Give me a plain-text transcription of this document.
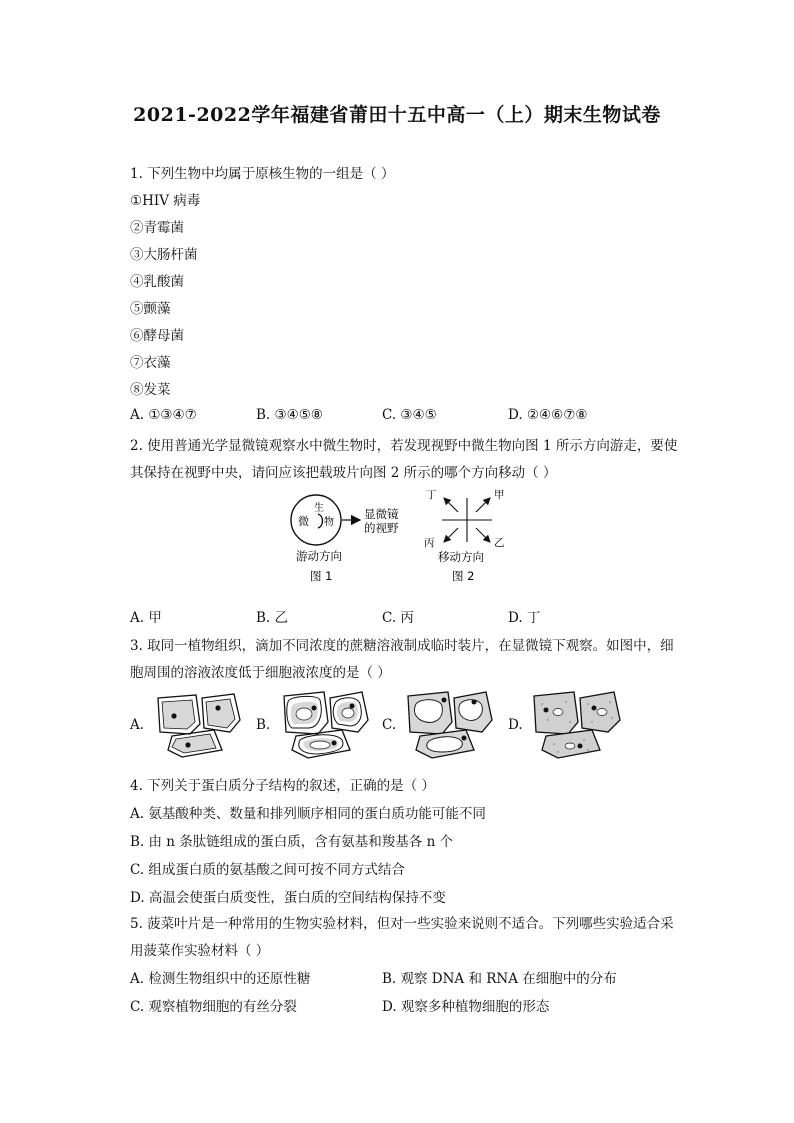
2021-2022学年福建省莆田十五中高一（上）期末生物试卷
1. 下列生物中均属于原核生物的一组是（ ）
①HIV 病毒
②青霉菌
③大肠杆菌
④乳酸菌
⑤颤藻
⑥酵母菌
⑦衣藻
⑧发菜
A. ①③④⑦	B. ③④⑤⑧	C. ③④⑤	D. ②④⑥⑦⑧
2. 使用普通光学显微镜观察水中微生物时，若发现视野中微生物向图 1 所示方向游走，要使
其保持在视野中央，请问应该把载玻片向图 2 所示的哪个方向移动（ ）
微
生
物
显微镜
的视野
游动方向
图 1
丁	甲
丙	乙
移动方向
图 2
A. 甲	B. 乙	C. 丙	D. 丁
3. 取同一植物组织，滴加不同浓度的蔗糖溶液制成临时装片，在显微镜下观察。如图中，细
胞周围的溶液浓度低于细胞液浓度的是（ ）
A.	B.	C.	D.
4. 下列关于蛋白质分子结构的叙述，正确的是（ ）
A. 氨基酸种类、数量和排列顺序相同的蛋白质功能可能不同
B. 由 n 条肽链组成的蛋白质，含有氨基和羧基各 n 个
C. 组成蛋白质的氨基酸之间可按不同方式结合
D. 高温会使蛋白质变性，蛋白质的空间结构保持不变
5. 菠菜叶片是一种常用的生物实验材料，但对一些实验来说则不适合。下列哪些实验适合采
用菠菜作实验材料（ ）
A. 检测生物组织中的还原性糖	B. 观察 DNA 和 RNA 在细胞中的分布
C. 观察植物细胞的有丝分裂	D. 观察多种植物细胞的形态
